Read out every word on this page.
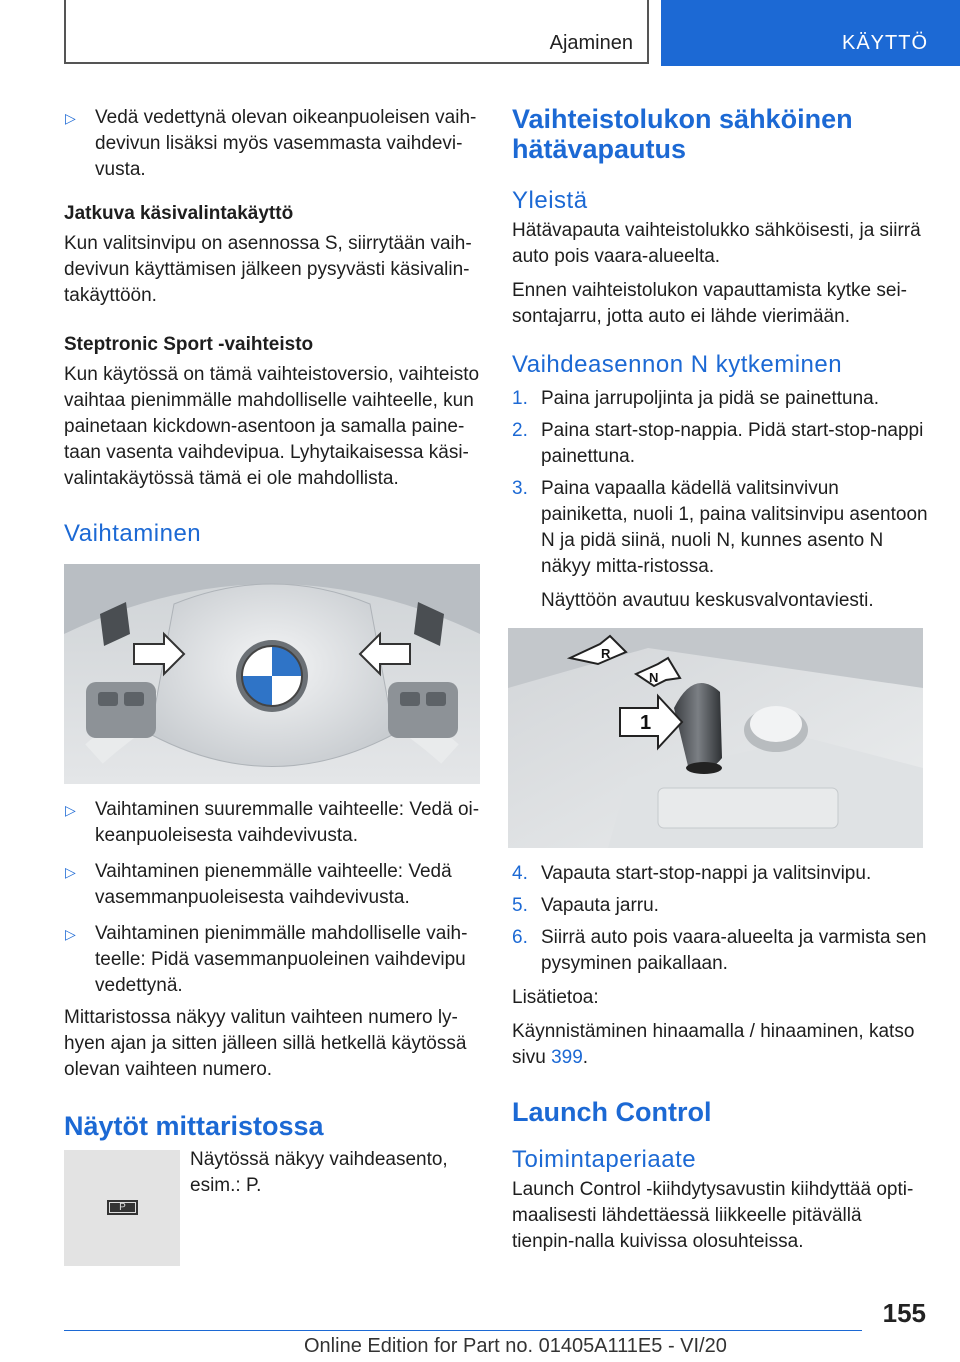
Ajaminen	KÄYTTÖ
▷ Vedä vedettynä olevan oikeanpuoleisen vaih-devivun lisäksi myös vasemmasta vaihdevi-vusta.
Jatkuva käsivalintakäyttö
Kun valitsinvipu on asennossa S, siirrytään vaih-devivun käyttämisen jälkeen pysyvästi käsivalin-takäyttöön.
Steptronic Sport -vaihteisto
Kun käytössä on tämä vaihteistoversio, vaihteisto vaihtaa pienimmälle mahdolliselle vaihteelle, kun painetaan kickdown-asentoon ja samalla paine-taan vasenta vaihdevipua. Lyhytaikaisessa käsi-valintakäytössä tämä ei ole mahdollista.
Vaihtaminen
▷ Vaihtaminen suuremmalle vaihteelle: Vedä oi-keanpuoleisesta vaihdevivusta.
▷ Vaihtaminen pienemmälle vaihteelle: Vedä vasemmanpuoleisesta vaihdevivusta.
▷ Vaihtaminen pienimmälle mahdolliselle vaih-teelle: Pidä vasemmanpuoleinen vaihdevipu vedettynä.
Mittaristossa näkyy valitun vaihteen numero ly-hyen ajan ja sitten jälleen sillä hetkellä käytössä olevan vaihteen numero.
Näytöt mittaristossa
P
Näytössä näkyy vaihdeasento, esim.: P.
Vaihteistolukon sähköinen hätävapautus
Yleistä
Hätävapauta vaihteistolukko sähköisesti, ja siirrä auto pois vaara-alueelta.
Ennen vaihteistolukon vapauttamista kytke sei-sontajarru, jotta auto ei lähde vierimään.
Vaihdeasennon N kytkeminen
1. Paina jarrupoljinta ja pidä se painettuna.
2. Paina start-stop-nappia. Pidä start-stop-nappi painettuna.
3. Paina vapaalla kädellä valitsinvivun painiketta, nuoli 1, paina valitsinvipu asentoon N ja pidä siinä, nuoli N, kunnes asento N näkyy mitta-ristossa.
Näyttöön avautuu keskusvalvontaviesti.
R
N
1
4. Vapauta start-stop-nappi ja valitsinvipu.
5. Vapauta jarru.
6. Siirrä auto pois vaara-alueelta ja varmista sen pysyminen paikallaan.
Lisätietoa:
Käynnistäminen hinaamalla / hinaaminen, katso sivu 399.
Launch Control
Toimintaperiaate
Launch Control -kiihdytysavustin kiihdyttää opti-maalisesti lähdettäessä liikkeelle pitävällä tienpin-nalla kuivissa olosuhteissa.
155
Online Edition for Part no. 01405A111E5 - VI/20
